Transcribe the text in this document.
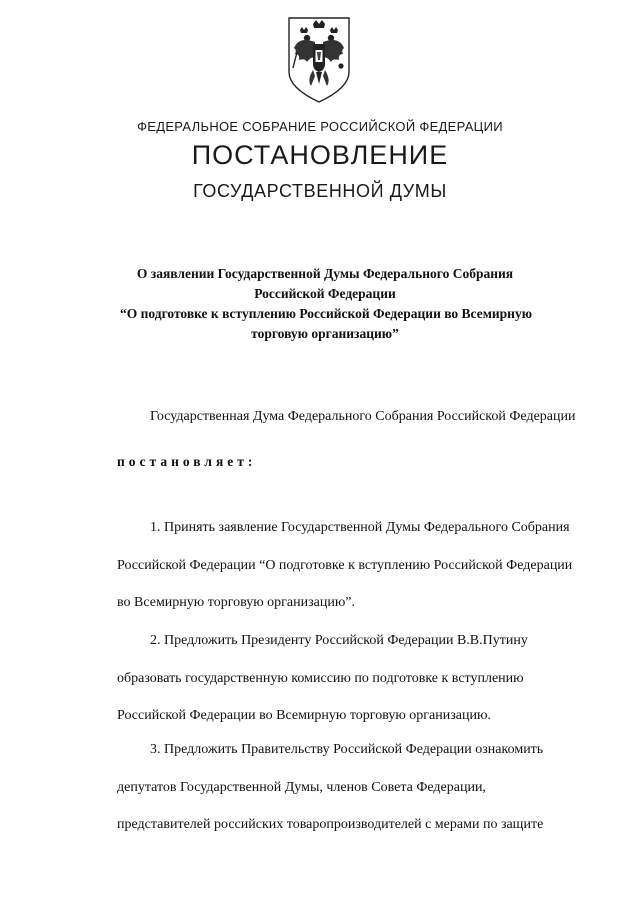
ФЕДЕРАЛЬНОЕ СОБРАНИЕ РОССИЙСКОЙ ФЕДЕРАЦИИ
ПОСТАНОВЛЕНИЕ
ГОСУДАРСТВЕННОЙ ДУМЫ
О заявлении Государственной Думы Федерального Собрания
Российской Федерации
“О подготовке к вступлению Российской Федерации во Всемирную
торговую организацию”
Государственная Дума Федерального Собрания Российской Федерации
постановляет:
1. Принять заявление Государственной Думы Федерального Собрания
Российской Федерации “О подготовке к вступлению Российской Федерации
во Всемирную торговую организацию”.
2. Предложить Президенту Российской Федерации В.В.Путину
образовать государственную комиссию по подготовке к вступлению
Российской Федерации во Всемирную торговую организацию.
3. Предложить Правительству Российской Федерации ознакомить
депутатов Государственной Думы, членов Совета Федерации,
представителей российских товаропроизводителей с мерами по защите
